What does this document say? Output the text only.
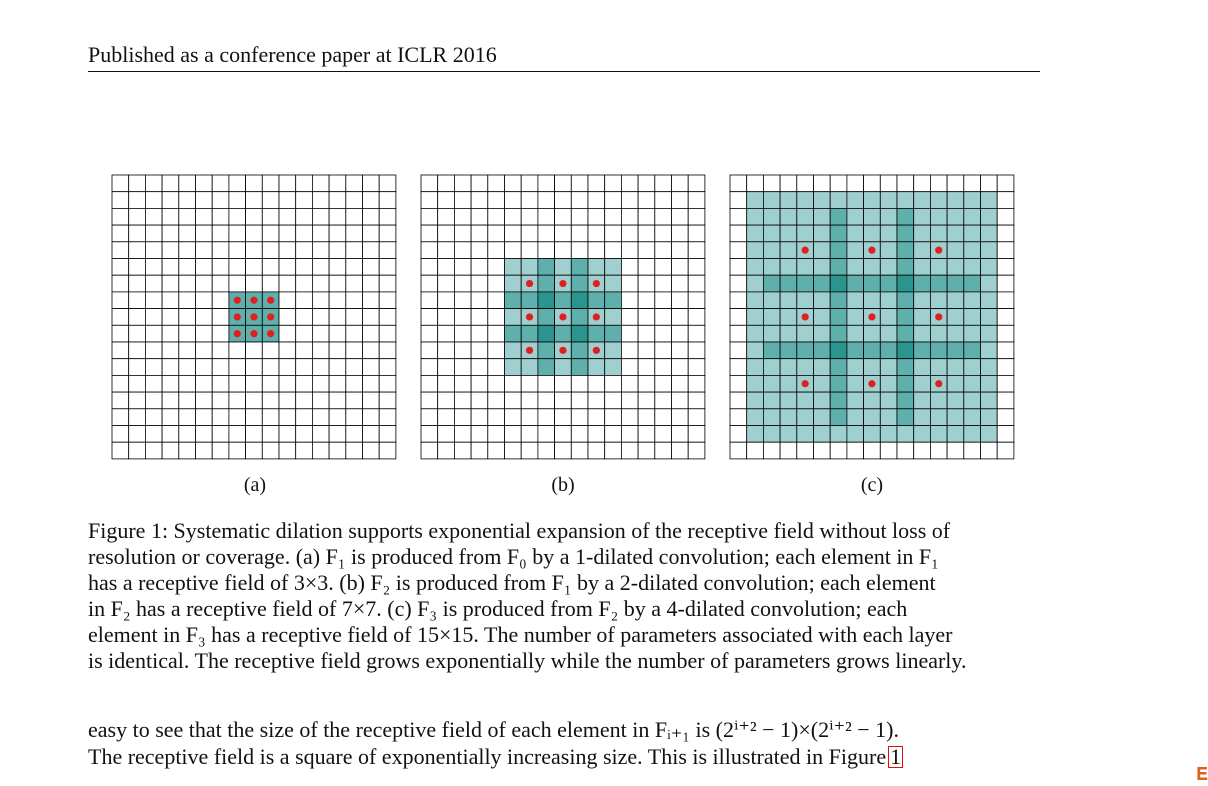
Published as a conference paper at ICLR 2016
(a)	(b)	(c)
Figure 1: Systematic dilation supports exponential expansion of the receptive field without loss of
resolution or coverage. (a) F₁ is produced from F₀ by a 1-dilated convolution; each element in F₁
has a receptive field of 3×3. (b) F₂ is produced from F₁ by a 2-dilated convolution; each element
in F₂ has a receptive field of 7×7. (c) F₃ is produced from F₂ by a 4-dilated convolution; each
element in F₃ has a receptive field of 15×15. The number of parameters associated with each layer
is identical. The receptive field grows exponentially while the number of parameters grows linearly.
easy to see that the size of the receptive field of each element in Fᵢ₊₁ is (2ⁱ⁺² − 1)×(2ⁱ⁺² − 1).
The receptive field is a square of exponentially increasing size. This is illustrated in Figure 1
𝐄
